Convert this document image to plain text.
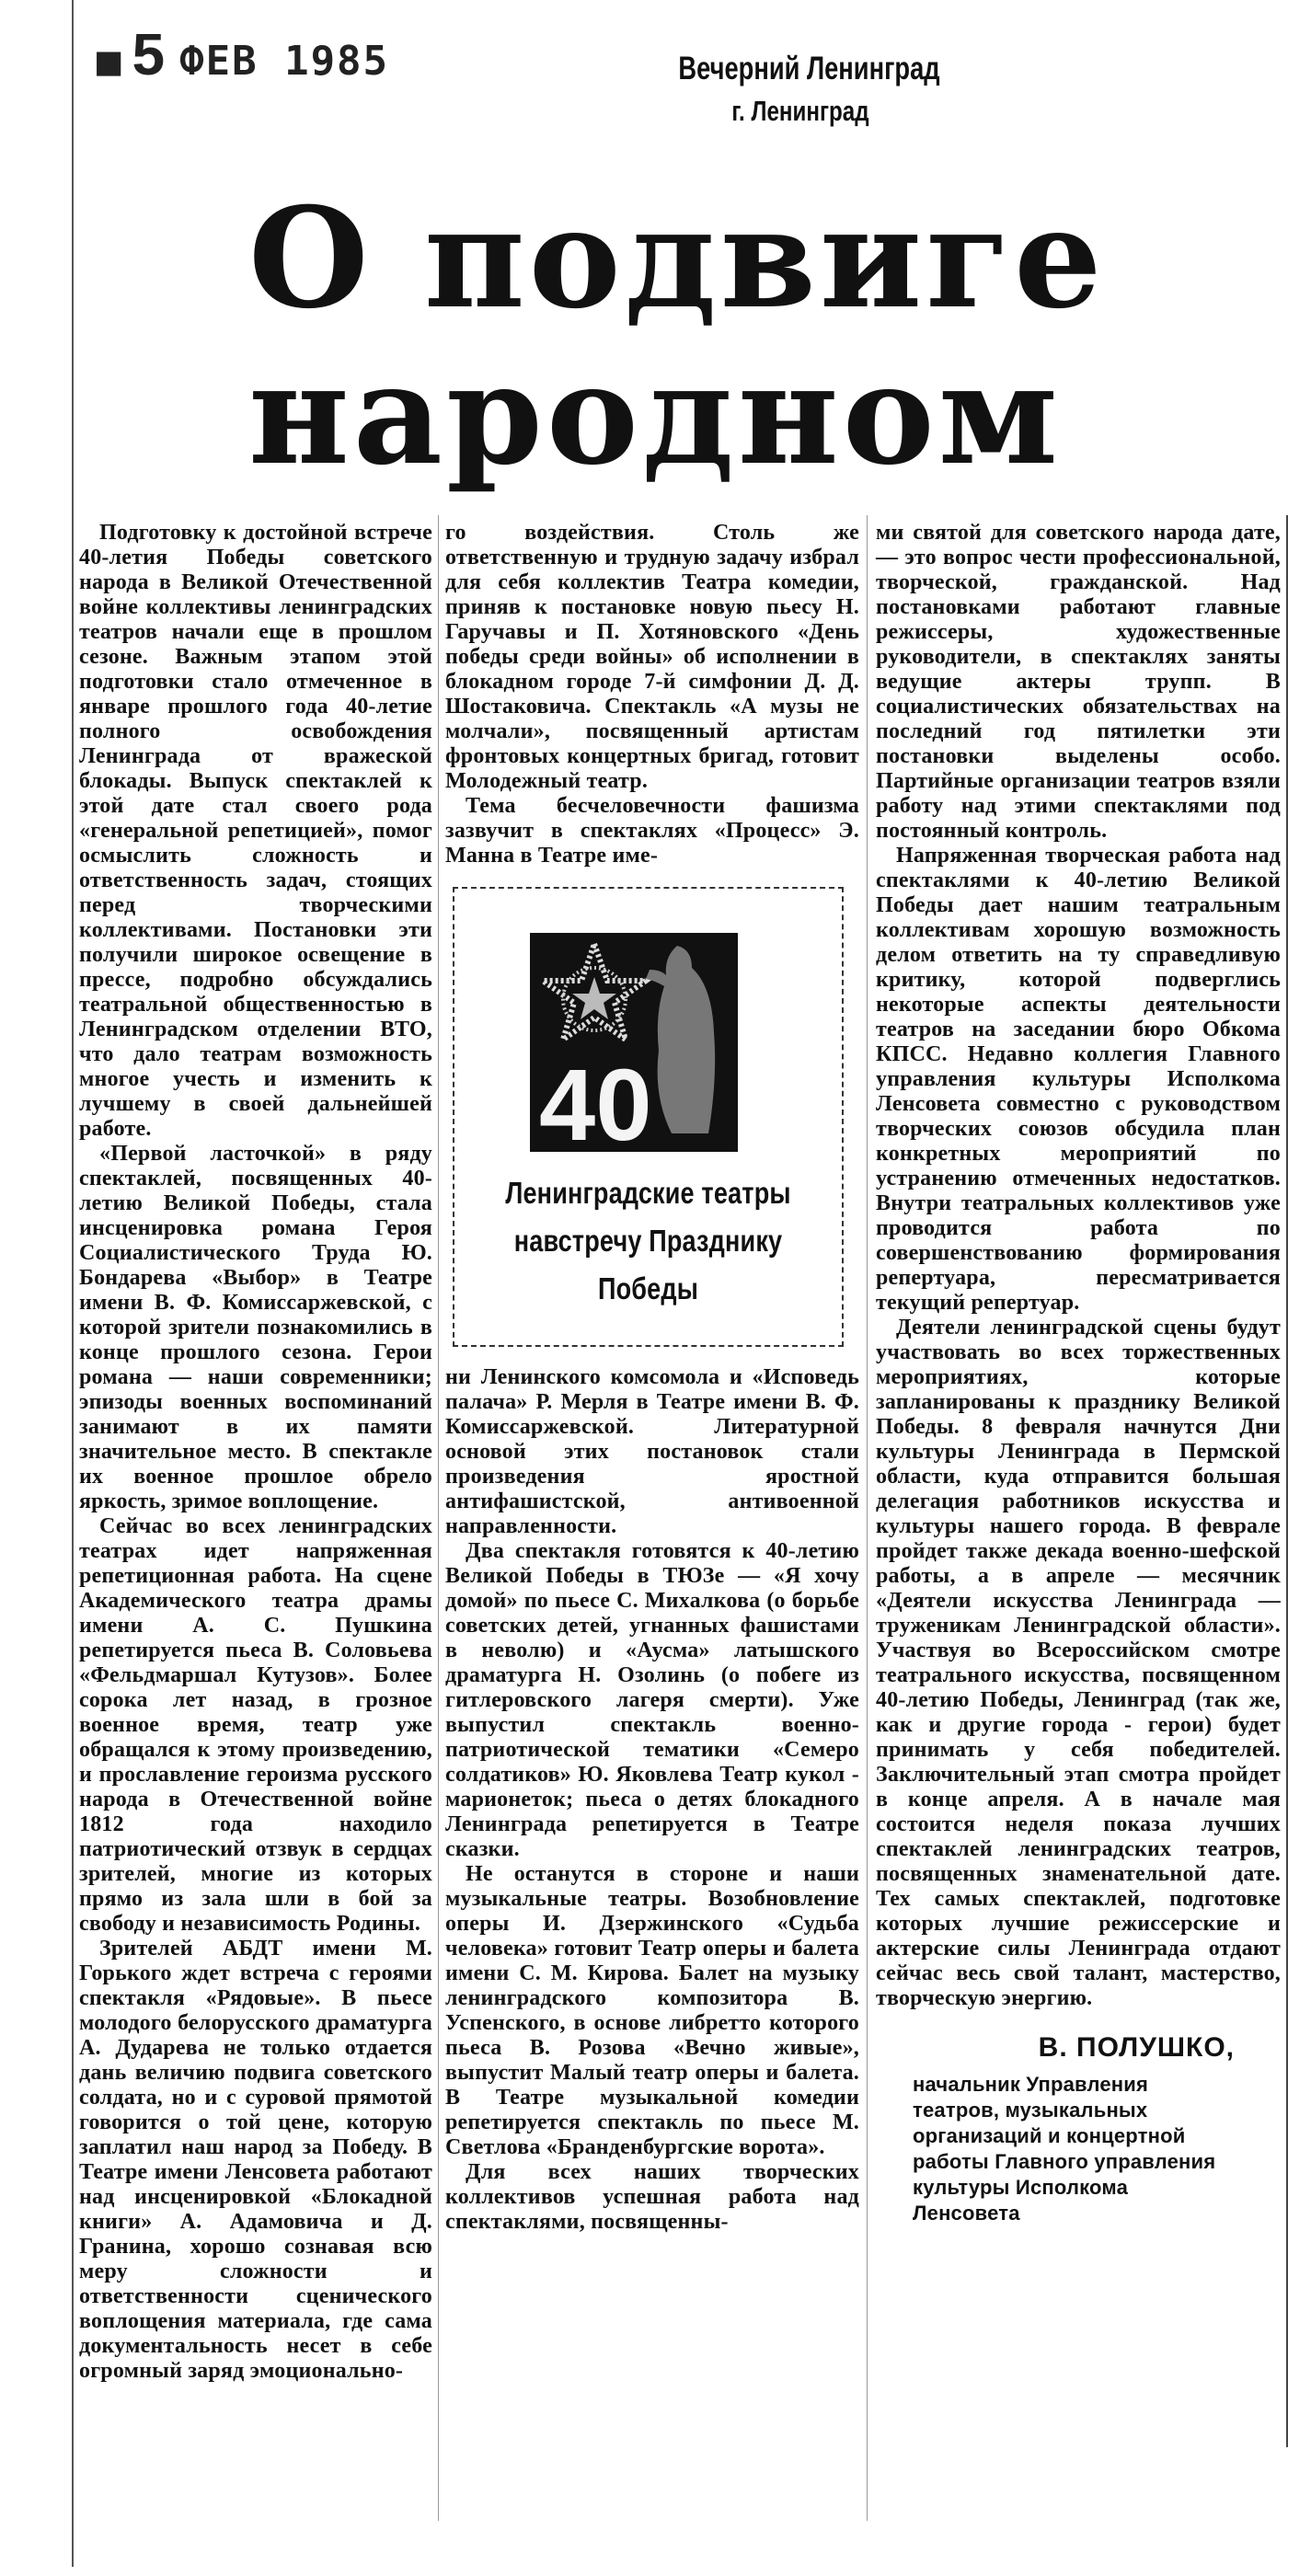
■ 5 ФЕВ 1985	Вечерний Ленинград
г. Ленинград
О подвиге
народном

Подготовку к достойной встрече 40-летия Победы советского народа в Великой Отечественной войне коллективы ленинградских театров начали еще в прошлом сезоне. Важным этапом этой подготовки стало отмеченное в январе прошлого года 40-летие полного освобождения Ленинграда от вражеской блокады. Выпуск спектаклей к этой дате стал своего рода «генеральной репетицией», помог осмыслить сложность и ответственность задач, стоящих перед творческими коллективами. Постановки эти получили широкое освещение в прессе, подробно обсуждались театральной общественностью в Ленинградском отделении ВТО, что дало театрам возможность многое учесть и изменить к лучшему в своей дальнейшей работе.

«Первой ласточкой» в ряду спектаклей, посвященных 40-летию Великой Победы, стала инсценировка романа Героя Социалистического Труда Ю. Бондарева «Выбор» в Театре имени В. Ф. Комиссаржевской, с которой зрители познакомились в конце прошлого сезона. Герои романа — наши современники; эпизоды военных воспоминаний занимают в их памяти значительное место. В спектакле их военное прошлое обрело яркость, зримое воплощение.

Сейчас во всех ленинградских театрах идет напряженная репетиционная работа. На сцене Академического театра драмы имени А. С. Пушкина репетируется пьеса В. Соловьева «Фельдмаршал Кутузов». Более сорока лет назад, в грозное военное время, театр уже обращался к этому произведению, и прославление героизма русского народа в Отечественной войне 1812 года находило патриотический отзвук в сердцах зрителей, многие из которых прямо из зала шли в бой за свободу и независимость Родины.

Зрителей АБДТ имени М. Горького ждет встреча с героями спектакля «Рядовые». В пьесе молодого белорусского драматурга А. Дударева не только отдается дань величию подвига советского солдата, но и с суровой прямотой говорится о той цене, которую заплатил наш народ за Победу. В Театре имени Ленсовета работают над инсценировкой «Блокадной книги» А. Адамовича и Д. Гранина, хорошо сознавая всю меру сложности и ответственности сценического воплощения материала, где сама документальность несет в себе огромный заряд эмоционально-

го воздействия. Столь же ответственную и трудную задачу избрал для себя коллектив Театра комедии, приняв к постановке новую пьесу Н. Гаручавы и П. Хотяновского «День победы среди войны» об исполнении в блокадном городе 7-й симфонии Д. Д. Шостаковича. Спектакль «А музы не молчали», посвященный артистам фронтовых концертных бригад, готовит Молодежный театр.

Тема бесчеловечности фашизма зазвучит в спектаклях «Процесс» Э. Манна в Театре име-

40
Ленинградские театры
навстречу Празднику
Победы

ни Ленинского комсомола и «Исповедь палача» Р. Мерля в Театре имени В. Ф. Комиссаржевской. Литературной основой этих постановок стали произведения яростной антифашистской, антивоенной направленности.

Два спектакля готовятся к 40-летию Великой Победы в ТЮЗе — «Я хочу домой» по пьесе С. Михалкова (о борьбе советских детей, угнанных фашистами в неволю) и «Аусма» латышского драматурга Н. Озолинь (о побеге из гитлеровского лагеря смерти). Уже выпустил спектакль военно-патриотической тематики «Семеро солдатиков» Ю. Яковлева Театр кукол - марионеток; пьеса о детях блокадного Ленинграда репетируется в Театре сказки.

Не останутся в стороне и наши музыкальные театры. Возобновление оперы И. Дзержинского «Судьба человека» готовит Театр оперы и балета имени С. М. Кирова. Балет на музыку ленинградского композитора В. Успенского, в основе либретто которого пьеса В. Розова «Вечно живые», выпустит Малый театр оперы и балета. В Театре музыкальной комедии репетируется спектакль по пьесе М. Светлова «Бранденбургские ворота».

Для всех наших творческих коллективов успешная работа над спектаклями, посвященны-

ми святой для советского народа дате, — это вопрос чести профессиональной, творческой, гражданской. Над постановками работают главные режиссеры, художественные руководители, в спектаклях заняты ведущие актеры трупп. В социалистических обязательствах на последний год пятилетки эти постановки выделены особо. Партийные организации театров взяли работу над этими спектаклями под постоянный контроль.

Напряженная творческая работа над спектаклями к 40-летию Великой Победы дает нашим театральным коллективам хорошую возможность делом ответить на ту справедливую критику, которой подверглись некоторые аспекты деятельности театров на заседании бюро Обкома КПСС. Недавно коллегия Главного управления культуры Исполкома Ленсовета совместно с руководством творческих союзов обсудила план конкретных мероприятий по устранению отмеченных недостатков. Внутри театральных коллективов уже проводится работа по совершенствованию формирования репертуара, пересматривается текущий репертуар.

Деятели ленинградской сцены будут участвовать во всех торжественных мероприятиях, которые запланированы к празднику Великой Победы. 8 февраля начнутся Дни культуры Ленинграда в Пермской области, куда отправится большая делегация работников искусства и культуры нашего города. В феврале пройдет также декада военно-шефской работы, а в апреле — месячник «Деятели искусства Ленинграда — труженикам Ленинградской области». Участвуя во Всероссийском смотре театрального искусства, посвященном 40-летию Победы, Ленинград (так же, как и другие города - герои) будет принимать у себя победителей. Заключительный этап смотра пройдет в конце апреля. А в начале мая состоится неделя показа лучших спектаклей ленинградских театров, посвященных знаменательной дате. Тех самых спектаклей, подготовке которых лучшие режиссерские и актерские силы Ленинграда отдают сейчас весь свой талант, мастерство, творческую энергию.

В. ПОЛУШКО,
начальник Управления театров, музыкальных организаций и концертной работы Главного управления культуры Исполкома Ленсовета
